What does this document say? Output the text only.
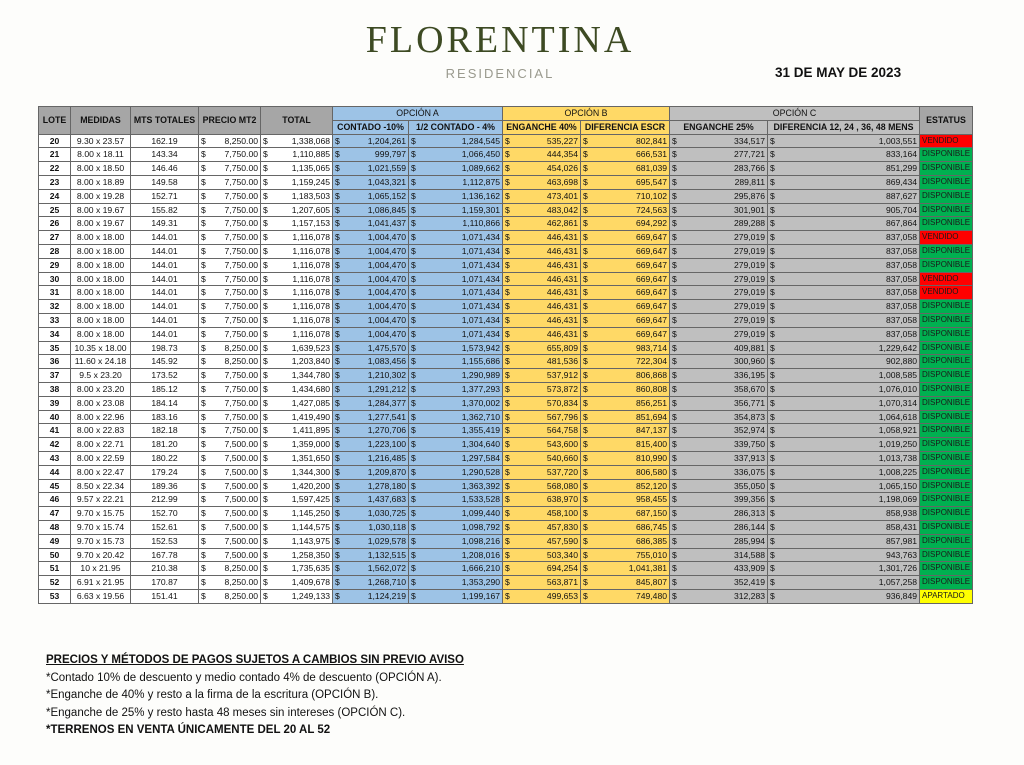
FLORENTINA
RESIDENCIAL	31 DE MAY DE 2023
LOTE	MEDIDAS	MTS TOTALES	PRECIO MT2	TOTAL	OPCIÓN A		OPCIÓN B		OPCIÓN C		ESTATUS
					CONTADO -10%	1/2 CONTADO - 4%	ENGANCHE 40%	DIFERENCIA ESCR	ENGANCHE 25%	DIFERENCIA 12, 24 , 36, 48 MENS	
20	9.30 x 23.57	162.19	$ 8,250.00	$ 1,338,068	$ 1,204,261	$ 1,284,545	$ 535,227	$ 802,841	$ 334,517	$ 1,003,551	VENDIDO
21	8.00 x 18.11	143.34	$ 7,750.00	$ 1,110,885	$ 999,797	$ 1,066,450	$ 444,354	$ 666,531	$ 277,721	$ 833,164	DISPONIBLE
22	8.00 x 18.50	146.46	$ 7,750.00	$ 1,135,065	$ 1,021,559	$ 1,089,662	$ 454,026	$ 681,039	$ 283,766	$ 851,299	DISPONIBLE
23	8.00 x 18.89	149.58	$ 7,750.00	$ 1,159,245	$ 1,043,321	$ 1,112,875	$ 463,698	$ 695,547	$ 289,811	$ 869,434	DISPONIBLE
24	8.00 x 19.28	152.71	$ 7,750.00	$ 1,183,503	$ 1,065,152	$ 1,136,162	$ 473,401	$ 710,102	$ 295,876	$ 887,627	DISPONIBLE
25	8.00 x 19.67	155.82	$ 7,750.00	$ 1,207,605	$ 1,086,845	$ 1,159,301	$ 483,042	$ 724,563	$ 301,901	$ 905,704	DISPONIBLE
26	8.00 x 19.67	149.31	$ 7,750.00	$ 1,157,153	$ 1,041,437	$ 1,110,866	$ 462,861	$ 694,292	$ 289,288	$ 867,864	DISPONIBLE
27	8.00 x 18.00	144.01	$ 7,750.00	$ 1,116,078	$ 1,004,470	$ 1,071,434	$ 446,431	$ 669,647	$ 279,019	$ 837,058	VENDIDO
28	8.00 x 18.00	144.01	$ 7,750.00	$ 1,116,078	$ 1,004,470	$ 1,071,434	$ 446,431	$ 669,647	$ 279,019	$ 837,058	DISPONIBLE
29	8.00 x 18.00	144.01	$ 7,750.00	$ 1,116,078	$ 1,004,470	$ 1,071,434	$ 446,431	$ 669,647	$ 279,019	$ 837,058	DISPONIBLE
30	8.00 x 18.00	144.01	$ 7,750.00	$ 1,116,078	$ 1,004,470	$ 1,071,434	$ 446,431	$ 669,647	$ 279,019	$ 837,058	VENDIDO
31	8.00 x 18.00	144.01	$ 7,750.00	$ 1,116,078	$ 1,004,470	$ 1,071,434	$ 446,431	$ 669,647	$ 279,019	$ 837,058	VENDIDO
32	8.00 x 18.00	144.01	$ 7,750.00	$ 1,116,078	$ 1,004,470	$ 1,071,434	$ 446,431	$ 669,647	$ 279,019	$ 837,058	DISPONIBLE
33	8.00 x 18.00	144.01	$ 7,750.00	$ 1,116,078	$ 1,004,470	$ 1,071,434	$ 446,431	$ 669,647	$ 279,019	$ 837,058	DISPONIBLE
34	8.00 x 18.00	144.01	$ 7,750.00	$ 1,116,078	$ 1,004,470	$ 1,071,434	$ 446,431	$ 669,647	$ 279,019	$ 837,058	DISPONIBLE
35	10.35 x 18.00	198.73	$ 8,250.00	$ 1,639,523	$ 1,475,570	$ 1,573,942	$ 655,809	$ 983,714	$ 409,881	$ 1,229,642	DISPONIBLE
36	11.60 x 24.18	145.92	$ 8,250.00	$ 1,203,840	$ 1,083,456	$ 1,155,686	$ 481,536	$ 722,304	$ 300,960	$ 902,880	DISPONIBLE
37	9.5 x 23.20	173.52	$ 7,750.00	$ 1,344,780	$ 1,210,302	$ 1,290,989	$ 537,912	$ 806,868	$ 336,195	$ 1,008,585	DISPONIBLE
38	8.00 x 23.20	185.12	$ 7,750.00	$ 1,434,680	$ 1,291,212	$ 1,377,293	$ 573,872	$ 860,808	$ 358,670	$ 1,076,010	DISPONIBLE
39	8.00 x 23.08	184.14	$ 7,750.00	$ 1,427,085	$ 1,284,377	$ 1,370,002	$ 570,834	$ 856,251	$ 356,771	$ 1,070,314	DISPONIBLE
40	8.00 x 22.96	183.16	$ 7,750.00	$ 1,419,490	$ 1,277,541	$ 1,362,710	$ 567,796	$ 851,694	$ 354,873	$ 1,064,618	DISPONIBLE
41	8.00 x 22.83	182.18	$ 7,750.00	$ 1,411,895	$ 1,270,706	$ 1,355,419	$ 564,758	$ 847,137	$ 352,974	$ 1,058,921	DISPONIBLE
42	8.00 x 22.71	181.20	$ 7,500.00	$ 1,359,000	$ 1,223,100	$ 1,304,640	$ 543,600	$ 815,400	$ 339,750	$ 1,019,250	DISPONIBLE
43	8.00 x 22.59	180.22	$ 7,500.00	$ 1,351,650	$ 1,216,485	$ 1,297,584	$ 540,660	$ 810,990	$ 337,913	$ 1,013,738	DISPONIBLE
44	8.00 x 22.47	179.24	$ 7,500.00	$ 1,344,300	$ 1,209,870	$ 1,290,528	$ 537,720	$ 806,580	$ 336,075	$ 1,008,225	DISPONIBLE
45	8.50 x 22.34	189.36	$ 7,500.00	$ 1,420,200	$ 1,278,180	$ 1,363,392	$ 568,080	$ 852,120	$ 355,050	$ 1,065,150	DISPONIBLE
46	9.57 x 22.21	212.99	$ 7,500.00	$ 1,597,425	$ 1,437,683	$ 1,533,528	$ 638,970	$ 958,455	$ 399,356	$ 1,198,069	DISPONIBLE
47	9.70 x 15.75	152.70	$ 7,500.00	$ 1,145,250	$ 1,030,725	$ 1,099,440	$ 458,100	$ 687,150	$ 286,313	$ 858,938	DISPONIBLE
48	9.70 x 15.74	152.61	$ 7,500.00	$ 1,144,575	$ 1,030,118	$ 1,098,792	$ 457,830	$ 686,745	$ 286,144	$ 858,431	DISPONIBLE
49	9.70 x 15.73	152.53	$ 7,500.00	$ 1,143,975	$ 1,029,578	$ 1,098,216	$ 457,590	$ 686,385	$ 285,994	$ 857,981	DISPONIBLE
50	9.70 x 20.42	167.78	$ 7,500.00	$ 1,258,350	$ 1,132,515	$ 1,208,016	$ 503,340	$ 755,010	$ 314,588	$ 943,763	DISPONIBLE
51	10 x 21.95	210.38	$ 8,250.00	$ 1,735,635	$ 1,562,072	$ 1,666,210	$ 694,254	$ 1,041,381	$ 433,909	$ 1,301,726	DISPONIBLE
52	6.91 x 21.95	170.87	$ 8,250.00	$ 1,409,678	$ 1,268,710	$ 1,353,290	$ 563,871	$ 845,807	$ 352,419	$ 1,057,258	DISPONIBLE
53	6.63 x 19.56	151.41	$ 8,250.00	$ 1,249,133	$ 1,124,219	$ 1,199,167	$ 499,653	$ 749,480	$ 312,283	$ 936,849	APARTADO
PRECIOS Y MÉTODOS DE PAGOS SUJETOS A CAMBIOS SIN PREVIO AVISO
*Contado 10% de descuento y medio contado 4% de descuento (OPCIÓN A).
*Enganche de 40% y resto a la firma de la escritura (OPCIÓN B).
*Enganche de 25% y resto hasta 48 meses sin intereses (OPCIÓN C).
*TERRENOS EN VENTA ÚNICAMENTE DEL 20 AL 52
